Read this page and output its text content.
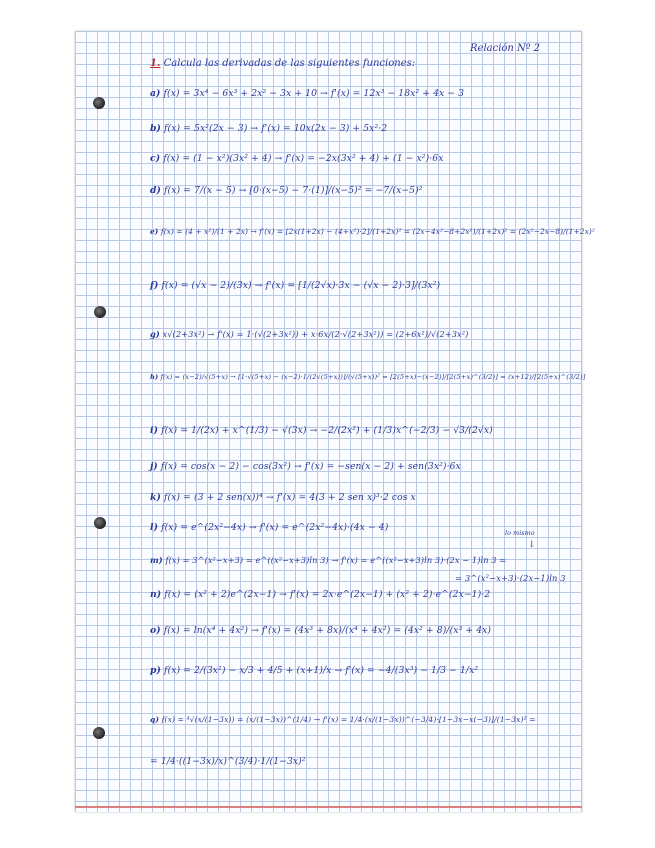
Relación Nº 2
1. Calcula las derivadas de las siguientes funciones:
a) f(x) = 3x⁴ − 6x³ + 2x² − 3x + 10 → f'(x) = 12x³ − 18x² + 4x − 3
b) f(x) = 5x²(2x − 3) → f'(x) = 10x(2x − 3) + 5x²·2
c) f(x) = (1 − x²)(3x² + 4) → f'(x) = −2x(3x² + 4) + (1 − x²)·6x
d) f(x) = 7/(x − 5) → [0·(x−5) − 7·(1)]/(x−5)² = −7/(x−5)²
e) f(x) = (4 + x²)/(1 + 2x) → f'(x) = [2x(1+2x) − (4+x²)·2]/(1+2x)² = (2x−4x²−8+2x²)/(1+2x)² = (2x²−2x−8)/(1+2x)²
f) f(x) = (√x − 2)/(3x) → f'(x) = [1/(2√x)·3x − (√x − 2)·3]/(3x²)
g) x√(2+3x²) → f'(x) = 1·(√(2+3x²)) + x·6x/(2·√(2+3x²)) = (2+6x²)/√(2+3x²)
h) f(x) = (x−2)/√(5+x) → [1·√(5+x) − (x−2)·1/(2√(5+x))]/(√(5+x))² = [2(5+x)−(x−2)]/[2(5+x)^(3/2)] = (x+12)/[2(5+x)^(3/2)]
i) f(x) = 1/(2x) + x^(1/3) − √(3x) → −2/(2x²) + (1/3)x^(−2/3) − √3/(2√x)
j) f(x) = cos(x − 2) − cos(3x²) → f'(x) = −sen(x − 2) + sen(3x²)·6x
k) f(x) = (3 + 2 sen(x))⁴ → f'(x) = 4(3 + 2 sen x)³·2 cos x
l) f(x) = e^(2x²−4x) → f'(x) = e^(2x²−4x)·(4x − 4)	lo mismo
↓
m) f(x) = 3^(x²−x+3) = e^((x²−x+3)ln 3) → f'(x) = e^((x²−x+3)ln 3)·(2x − 1)ln 3 =
= 3^(x²−x+3)·(2x−1)ln 3
n) f(x) = (x² + 2)e^(2x−1) → f'(x) = 2x·e^(2x−1) + (x² + 2)·e^(2x−1)·2
o) f(x) = ln(x⁴ + 4x²) → f'(x) = (4x³ + 8x)/(x⁴ + 4x²) = (4x² + 8)/(x³ + 4x)
p) f(x) = 2/(3x²) − x/3 + 4/5 + (x+1)/x → f'(x) = −4/(3x³) − 1/3 − 1/x²
q) f(x) = ⁴√(x/(1−3x)) = (x/(1−3x))^(1/4) → f'(x) = 1/4·(x/(1−3x))^(−3/4)·[1−3x−x(−3)]/(1−3x)² =
= 1/4·((1−3x)/x)^(3/4)·1/(1−3x)²
